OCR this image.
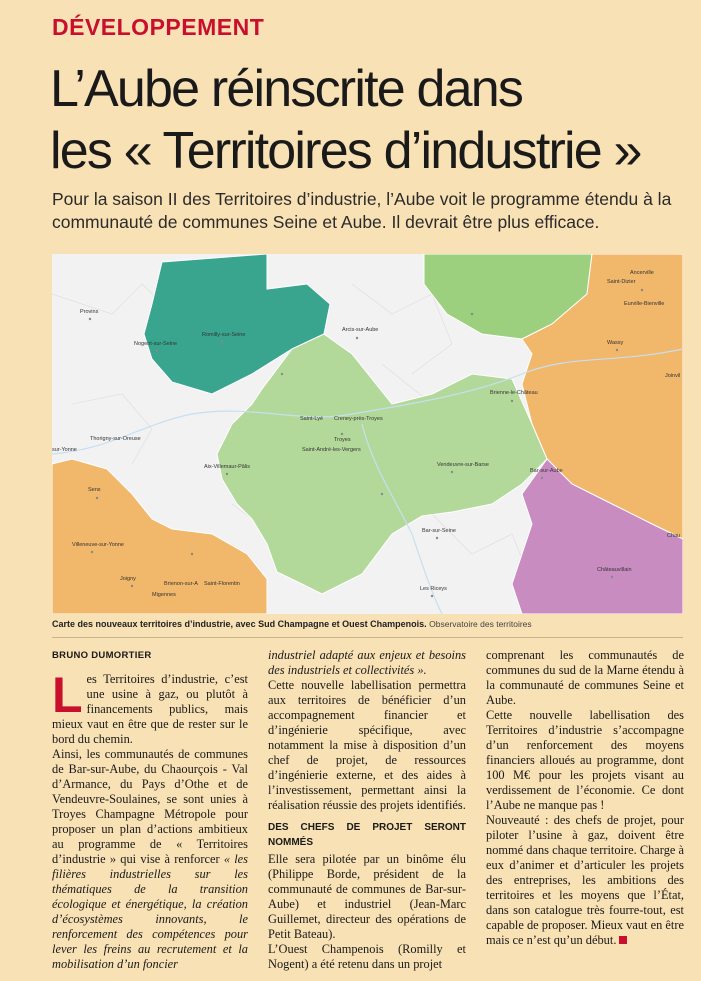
DÉVELOPPEMENT
L’Aube réinscrite dans
les « Territoires d’industrie »
Pour la saison II des Territoires d’industrie, l’Aube voit le programme étendu à la communauté de communes Seine et Aube. Il devrait être plus efficace.
Provins
Romilly-sur-Seine
Nogent-sur-Seine
Arcis-sur-Aube
Ancerville
Saint-Dizier
Eurville-Bienville
Wassy
Joinvil
Brienne-le-Château
Saint-Lyé Creney-près-Troyes
Troyes
Saint-André-les-Vergers
Thorigny-sur-Oreuse
Aix-Villemaur-Pâlis	Vendeuvre-sur-Barse
Bar-sur-Aube
sur-Yonne
Sens
Villeneuve-sur-Yonne
Bar-sur-Seine
Joigny
Brienon-sur-A Saint-Florentin
Migennes
Les Riceys
Châteauvillain
Chau
Carte des nouveaux territoires d’industrie, avec Sud Champagne et Ouest Champenois. Observatoire des territoires
BRUNO DUMORTIER

Les Territoires d’industrie, c’est une usine à gaz, ou plutôt à financements publics, mais mieux vaut en être que de rester sur le bord du chemin.

Ainsi, les communautés de communes de Bar-sur-Aube, du Chaourçois - Val d’Armance, du Pays d’Othe et de Vendeuvre-Soulaines, se sont unies à Troyes Champagne Métropole pour proposer un plan d’actions ambitieux au programme de « Territoires d’industrie » qui vise à renforcer « les filières industrielles sur les thématiques de la transition écologique et énergétique, la création d’écosystèmes innovants, le renforcement des compétences pour lever les freins au recrutement et la mobilisation d’un foncier

industriel adapté aux enjeux et besoins des industriels et collectivités ».

Cette nouvelle labellisation permettra aux territoires de bénéficier d’un accompagnement financier et d’ingénierie spécifique, avec notamment la mise à disposition d’un chef de projet, de ressources d’ingénierie externe, et des aides à l’investissement, permettant ainsi la réalisation réussie des projets identifiés.

DES CHEFS DE PROJET SERONT NOMMÉS

Elle sera pilotée par un binôme élu (Philippe Borde, président de la communauté de communes de Bar-sur-Aube) et industriel (Jean-Marc Guillemet, directeur des opérations de Petit Bateau).

L’Ouest Champenois (Romilly et Nogent) a été retenu dans un projet

comprenant les communautés de communes du sud de la Marne étendu à la communauté de communes Seine et Aube.

Cette nouvelle labellisation des Territoires d’industrie s’accompagne d’un renforcement des moyens financiers alloués au programme, dont 100 M€ pour les projets visant au verdissement de l’économie. Ce dont l’Aube ne manque pas !

Nouveauté : des chefs de projet, pour piloter l’usine à gaz, doivent être nommé dans chaque territoire. Charge à eux d’animer et d’articuler les projets des entreprises, les ambitions des territoires et les moyens que l’État, dans son catalogue très fourre-tout, est capable de proposer. Mieux vaut en être mais ce n’est qu’un début.
